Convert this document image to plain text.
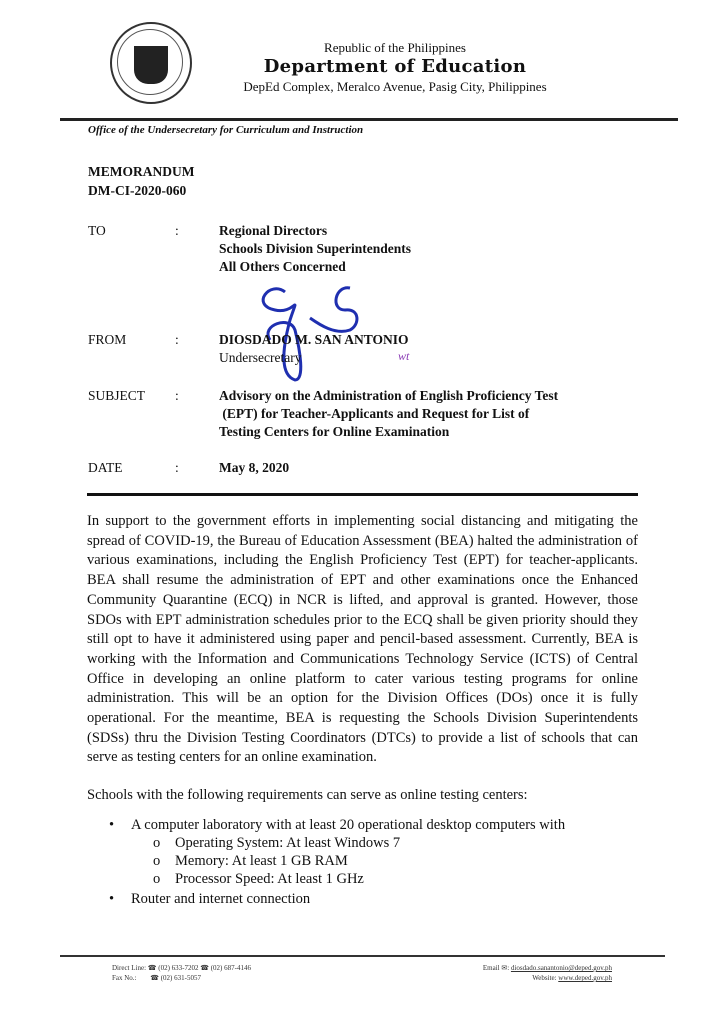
Republic of the Philippines
Department of Education
DepEd Complex, Meralco Avenue, Pasig City, Philippines
Office of the Undersecretary for Curriculum and Instruction
MEMORANDUM
DM-CI-2020-060
TO	:	Regional Directors
Schools Division Superintendents
All Others Concerned
FROM	:	DIOSDADO M. SAN ANTONIO
Undersecretary	wt
SUBJECT :	Advisory on the Administration of English Proficiency Test
(EPT) for Teacher-Applicants and Request for List of
Testing Centers for Online Examination
DATE	:	May 8, 2020

In support to the government efforts in implementing social distancing and mitigating the spread of COVID-19, the Bureau of Education Assessment (BEA) halted the administration of various examinations, including the English Proficiency Test (EPT) for teacher-applicants. BEA shall resume the administration of EPT and other examinations once the Enhanced Community Quarantine (ECQ) in NCR is lifted, and approval is granted. However, those SDOs with EPT administration schedules prior to the ECQ shall be given priority should they still opt to have it administered using paper and pencil-based assessment. Currently, BEA is working with the Information and Communications Technology Service (ICTS) of Central Office in developing an online platform to cater various testing programs for online administration. This will be an option for the Division Offices (DOs) once it is fully operational. For the meantime, BEA is requesting the Schools Division Superintendents (SDSs) thru the Division Testing Coordinators (DTCs) to provide a list of schools that can serve as testing centers for an online examination.

Schools with the following requirements can serve as online testing centers:
• A computer laboratory with at least 20 operational desktop computers with
o Operating System: At least Windows 7
o Memory: At least 1 GB RAM
o Processor Speed: At least 1 GHz
• Router and internet connection
Direct Line: ☎ (02) 633-7202 ☎ (02) 687-4146
Fax No.: ☎ (02) 631-5057
Email ✉: diosdado.sanantonio@deped.gov.ph
Website: www.deped.gov.ph
